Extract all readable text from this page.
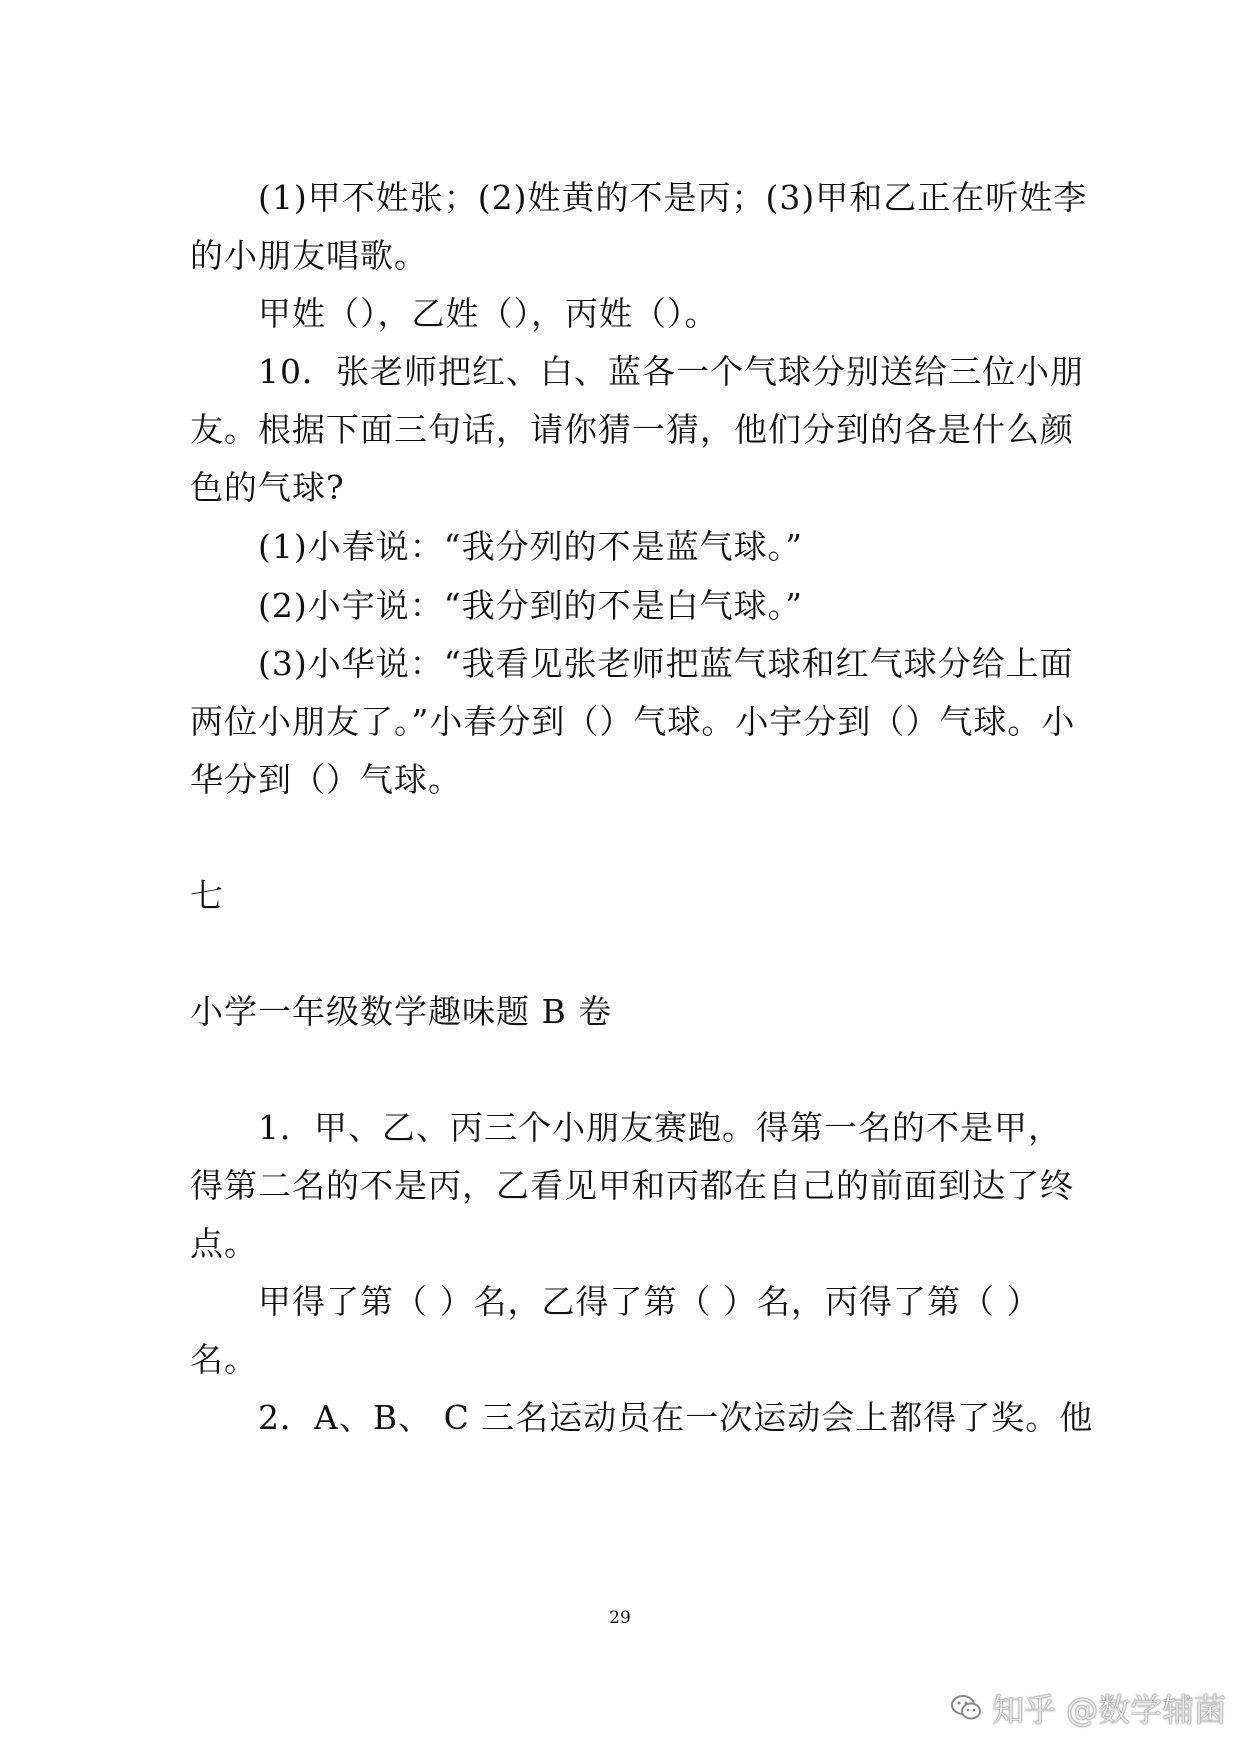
(1)甲不姓张；(2)姓黄的不是丙；(3)甲和乙正在听姓李
的小朋友唱歌。
甲姓（），乙姓（），丙姓（）。
10．张老师把红、白、蓝各一个气球分别送给三位小朋
友。根据下面三句话，请你猜一猜，他们分到的各是什么颜
色的气球?
(1)小春说：“我分列的不是蓝气球。”
(2)小宇说：“我分到的不是白气球。”
(3)小华说：“我看见张老师把蓝气球和红气球分给上面
两位小朋友了。”小春分到（）气球。小宇分到（）气球。小
华分到（）气球。
七
小学一年级数学趣味题 B 卷
1．甲、乙、丙三个小朋友赛跑。得第一名的不是甲，
得第二名的不是丙，乙看见甲和丙都在自己的前面到达了终
点。
甲得了第（ ）名，乙得了第（ ）名，丙得了第（ ）
名。
2．A、B、 C 三名运动员在一次运动会上都得了奖。他
29
知乎 @数学辅菌
